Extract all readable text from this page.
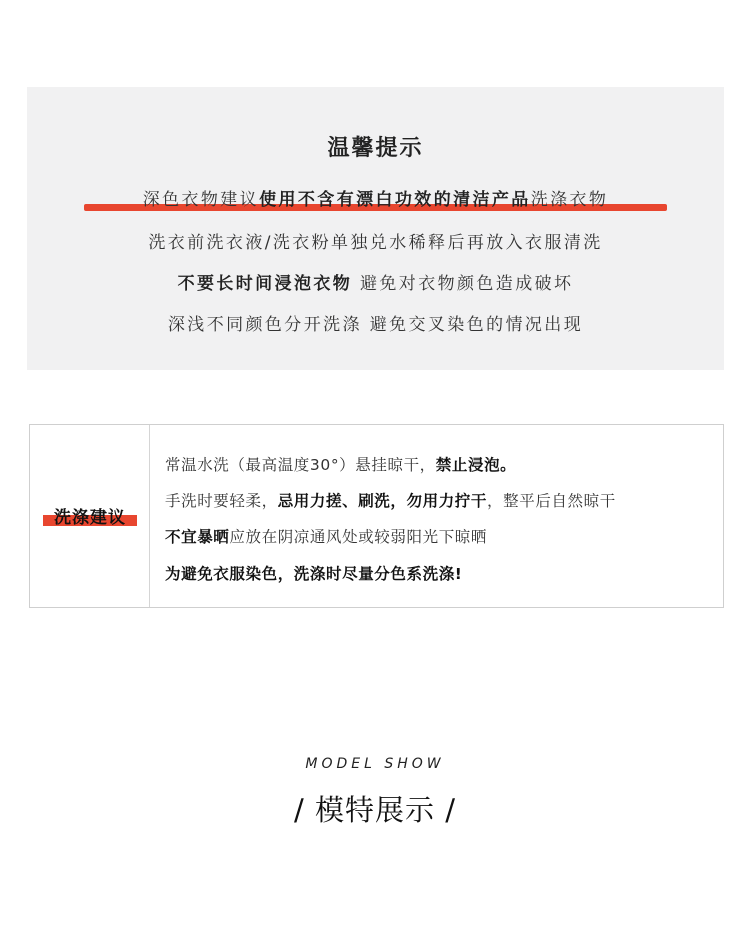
温馨提示
深色衣物建议使用不含有漂白功效的清洁产品洗涤衣物
洗衣前洗衣液/洗衣粉单独兑水稀释后再放入衣服清洗
不要长时间浸泡衣物 避免对衣物颜色造成破坏
深浅不同颜色分开洗涤 避免交叉染色的情况出现
洗涤建议
常温水洗（最高温度30°）悬挂晾干，禁止浸泡。
手洗时要轻柔，忌用力搓、刷洗，勿用力拧干，整平后自然晾干
不宜暴晒应放在阴凉通风处或较弱阳光下晾晒
为避免衣服染色，洗涤时尽量分色系洗涤!
MODEL SHOW
/ 模特展示 /
